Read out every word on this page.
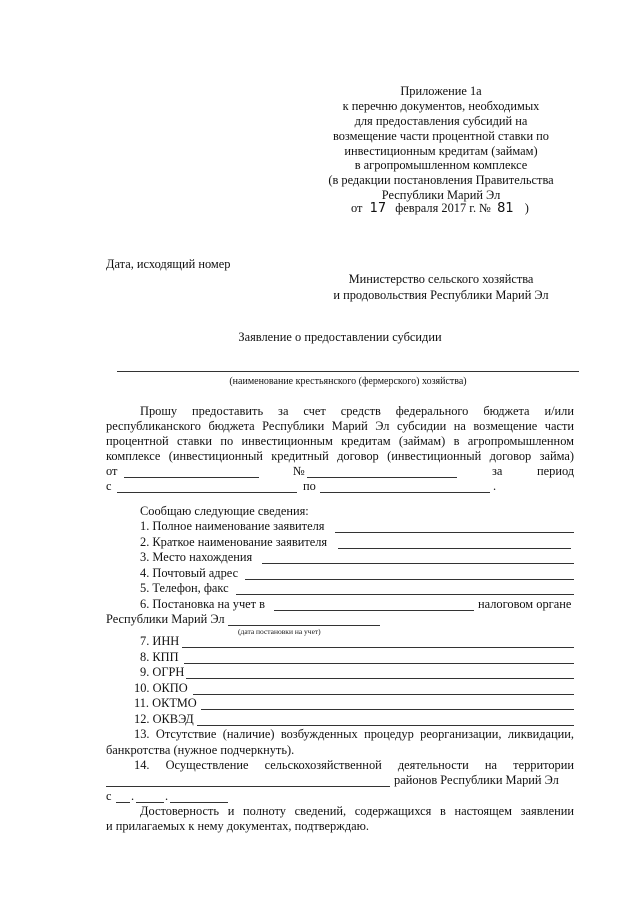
Приложение 1а
к перечню документов, необходимых
для предоставления субсидий на
возмещение части процентной ставки по
инвестиционным кредитам (займам)
в агропромышленном комплексе
(в редакции постановления Правительства
Республики Марий Эл
от 17 февраля 2017 г. № 81 )
Дата, исходящий номер
Министерство сельского хозяйства
и продовольствия Республики Марий Эл
Заявление о предоставлении субсидии
(наименование крестьянского (фермерского) хозяйства)
Прошу предоставить за счет средств федерального бюджета и/или
республиканского бюджета Республики Марий Эл субсидии на возмещение части
процентной ставки по инвестиционным кредитам (займам) в агропромышленном
комплексе (инвестиционный кредитный договор (инвестиционный договор займа)
от	№	за	период
с	по	.
Сообщаю следующие сведения:
1. Полное наименование заявителя
2. Краткое наименование заявителя
3. Место нахождения
4. Почтовый адрес
5. Телефон, факс
6. Постановка на учет в	налоговом органе
Республики Марий Эл
(дата постановки на учет)
7. ИНН
8. КПП
9. ОГРН
10. ОКПО
11. ОКТМО
12. ОКВЭД
13. Отсутствие (наличие) возбужденных процедур реорганизации, ликвидации,
банкротства (нужное подчеркнуть).
14. Осуществление сельскохозяйственной деятельности на территории
районов Республики Марий Эл
с . .
Достоверность и полноту сведений, содержащихся в настоящем заявлении
и прилагаемых к нему документах, подтверждаю.
